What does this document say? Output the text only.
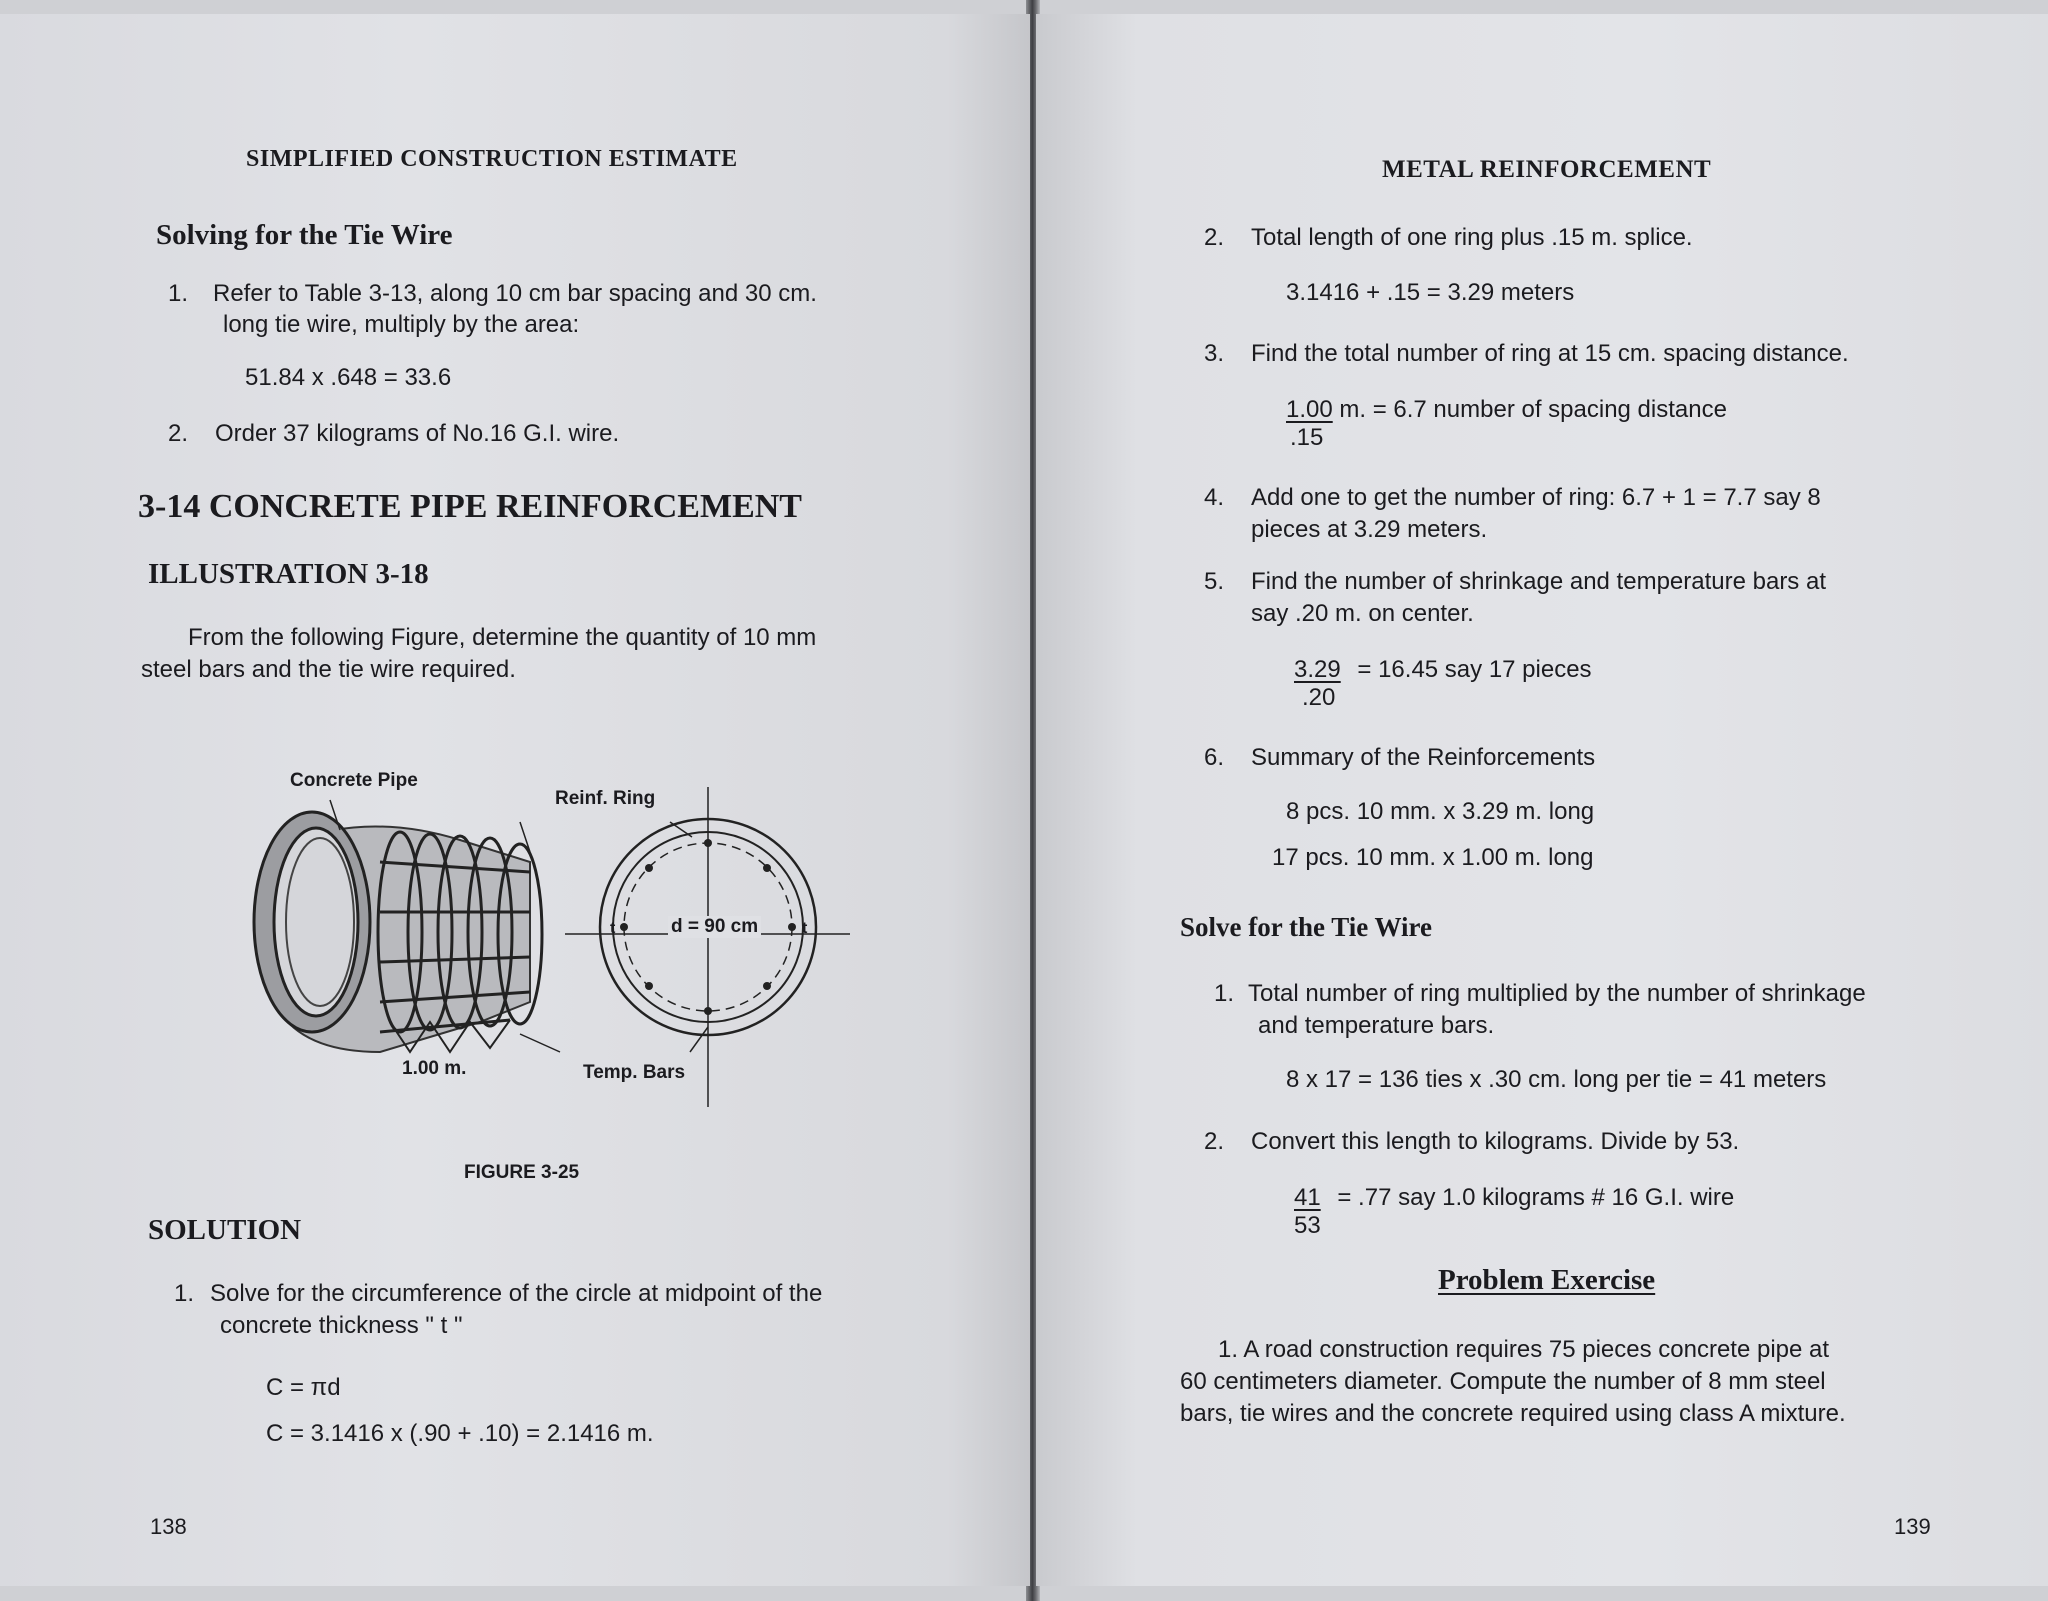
SIMPLIFIED CONSTRUCTION ESTIMATE
Solving for the Tie Wire
1. Refer to Table 3-13, along 10 cm bar spacing and 30 cm.
long tie wire, multiply by the area:
51.84 x .648 = 33.6
2. Order 37 kilograms of No.16 G.I. wire.
3-14 CONCRETE PIPE REINFORCEMENT
ILLUSTRATION 3-18
From the following Figure, determine the quantity of 10 mm
steel bars and the tie wire required.
Concrete Pipe
Reinf. Ring
d = 90 cm
t	t
1.00 m.	Temp. Bars
FIGURE 3-25
SOLUTION
1. Solve for the circumference of the circle at midpoint of the
concrete thickness " t "
C = πd
C = 3.1416 x (.90 + .10) = 2.1416 m.
138
METAL REINFORCEMENT
2. Total length of one ring plus .15 m. splice.
3.1416 + .15 = 3.29 meters
3. Find the total number of ring at 15 cm. spacing distance.
1.00 m. = 6.7 number of spacing distance
.15
4. Add one to get the number of ring: 6.7 + 1 = 7.7 say 8
pieces at 3.29 meters.
5. Find the number of shrinkage and temperature bars at
say .20 m. on center.
3.29 = 16.45 say 17 pieces
.20
6. Summary of the Reinforcements
8 pcs. 10 mm. x 3.29 m. long
17 pcs. 10 mm. x 1.00 m. long
Solve for the Tie Wire
1. Total number of ring multiplied by the number of shrinkage
and temperature bars.
8 x 17 = 136 ties x .30 cm. long per tie = 41 meters
2. Convert this length to kilograms. Divide by 53.
41 = .77 say 1.0 kilograms # 16 G.I. wire
53
Problem Exercise
1. A road construction requires 75 pieces concrete pipe at
60 centimeters diameter. Compute the number of 8 mm steel
bars, tie wires and the concrete required using class A mixture.
139
